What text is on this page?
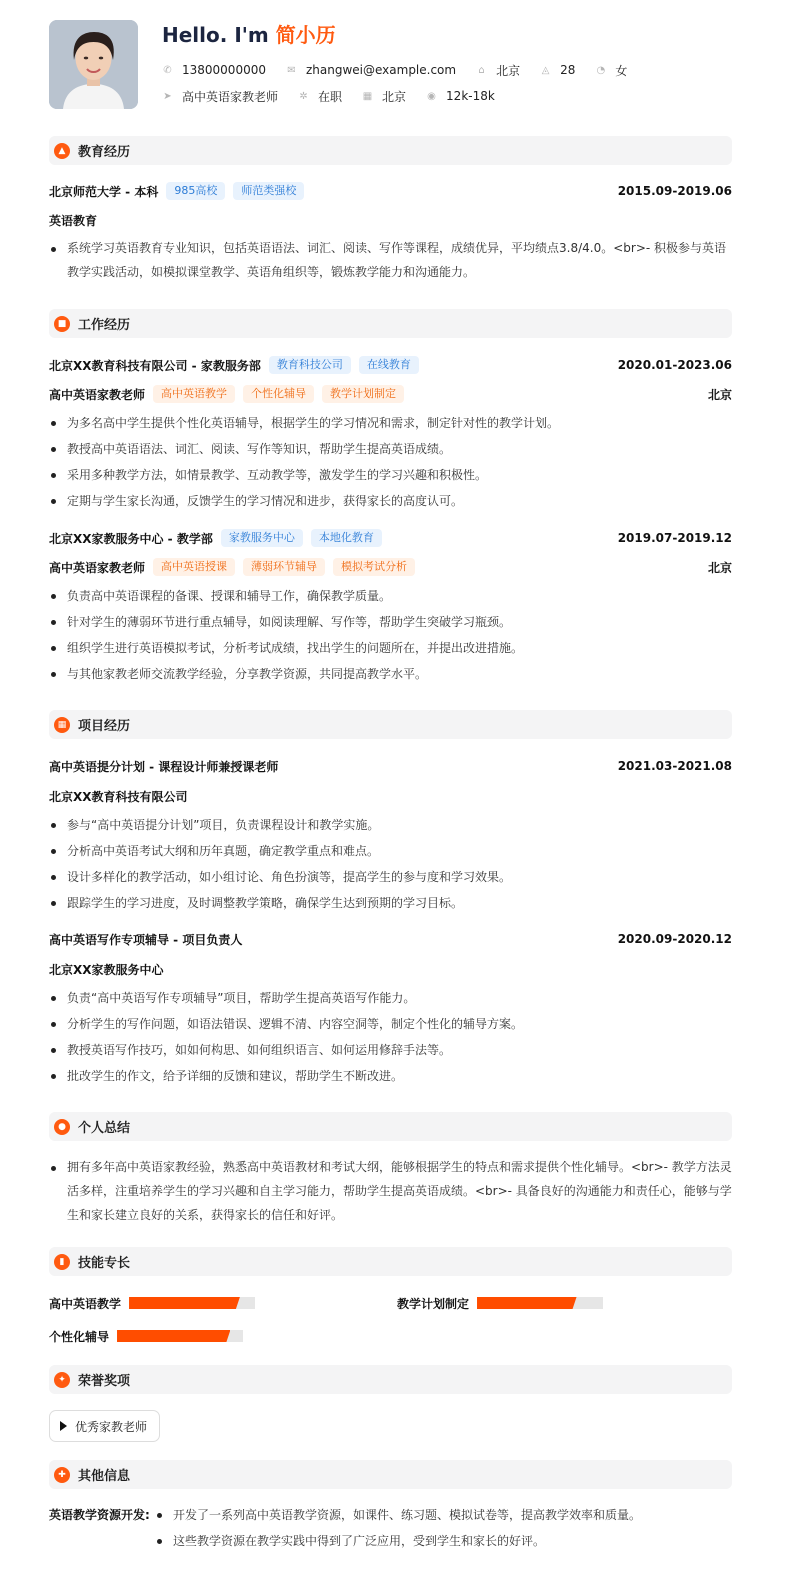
Hello. I'm 简小历
✆ 13800000000 ✉ zhangwei@example.com ⌂ 北京 ◬ 28 ◔ 女
➤ 高中英语家教老师 ✲ 在职 ▦ 北京 ◉ 12k-18k
▲ 教育经历
北京师范大学 - 本科	985高校	师范类强校	2015.09-2019.06
英语教育
系统学习英语教育专业知识，包括英语语法、词汇、阅读、写作等课程，成绩优异，平均绩点3.8/4.0。<br>- 积极参与英语教学实践活动，如模拟课堂教学、英语角组织等，锻炼教学能力和沟通能力。
■ 工作经历
北京XX教育科技有限公司 - 家教服务部	教育科技公司	在线教育	2020.01-2023.06
高中英语家教老师	高中英语教学	个性化辅导	教学计划制定	北京
为多名高中学生提供个性化英语辅导，根据学生的学习情况和需求，制定针对性的教学计划。
教授高中英语语法、词汇、阅读、写作等知识，帮助学生提高英语成绩。
采用多种教学方法，如情景教学、互动教学等，激发学生的学习兴趣和积极性。
定期与学生家长沟通，反馈学生的学习情况和进步，获得家长的高度认可。
北京XX家教服务中心 - 教学部	家教服务中心	本地化教育	2019.07-2019.12
高中英语家教老师	高中英语授课	薄弱环节辅导	模拟考试分析	北京
负责高中英语课程的备课、授课和辅导工作，确保教学质量。
针对学生的薄弱环节进行重点辅导，如阅读理解、写作等，帮助学生突破学习瓶颈。
组织学生进行英语模拟考试，分析考试成绩，找出学生的问题所在，并提出改进措施。
与其他家教老师交流教学经验，分享教学资源，共同提高教学水平。
▦ 项目经历
高中英语提分计划 - 课程设计师兼授课老师	2021.03-2021.08
北京XX教育科技有限公司
参与“高中英语提分计划”项目，负责课程设计和教学实施。
分析高中英语考试大纲和历年真题，确定教学重点和难点。
设计多样化的教学活动，如小组讨论、角色扮演等，提高学生的参与度和学习效果。
跟踪学生的学习进度，及时调整教学策略，确保学生达到预期的学习目标。
高中英语写作专项辅导 - 项目负责人	2020.09-2020.12
北京XX家教服务中心
负责“高中英语写作专项辅导”项目，帮助学生提高英语写作能力。
分析学生的写作问题，如语法错误、逻辑不清、内容空洞等，制定个性化的辅导方案。
教授英语写作技巧，如如何构思、如何组织语言、如何运用修辞手法等。
批改学生的作文，给予详细的反馈和建议，帮助学生不断改进。
● 个人总结
拥有多年高中英语家教经验，熟悉高中英语教材和考试大纲，能够根据学生的特点和需求提供个性化辅导。<br>- 教学方法灵活多样，注重培养学生的学习兴趣和自主学习能力，帮助学生提高英语成绩。<br>- 具备良好的沟通能力和责任心，能够与学生和家长建立良好的关系，获得家长的信任和好评。
▮	技能专长
高中英语教学	教学计划制定
个性化辅导
✦ 荣誉奖项
优秀家教老师
✚ 其他信息
英语教学资源开发:	开发了一系列高中英语教学资源，如课件、练习题、模拟试卷等，提高教学效率和质量。
这些教学资源在教学实践中得到了广泛应用，受到学生和家长的好评。
